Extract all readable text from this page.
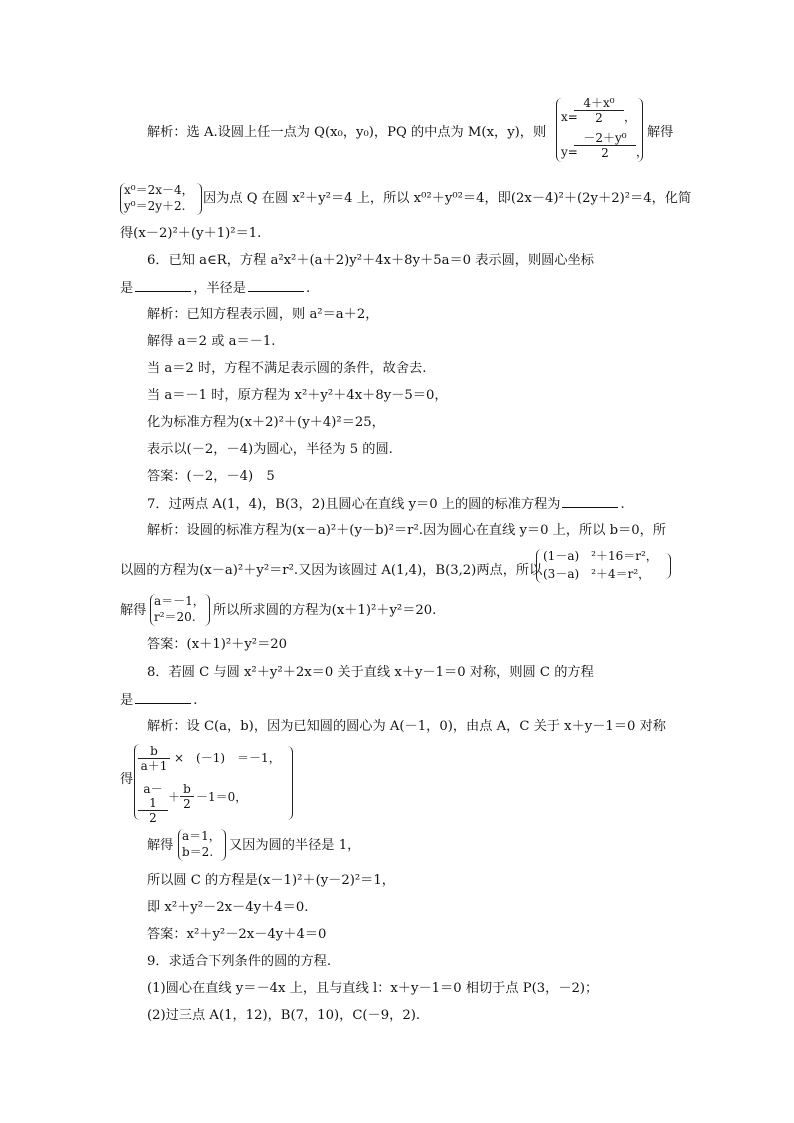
解析：选 A.设圆上任一点为 Q(x₀，y₀)，PQ 的中点为 M(x，y)，则
x=
$\frac{\text{4＋x⁰}}{2}$ ，
y=
$\frac{\text{－2＋y⁰}}{2}$ ，
解得
x⁰＝2x－4，
y⁰＝2y＋2. 因为点 Q 在圆 x²＋y²＝4 上，所以 x⁰²＋y⁰²＝4，即(2x－4)²＋(2y＋2)²＝4，化简
得(x－2)²＋(y＋1)²＝1.
6．已知 a∈R，方程 a²x²＋(a＋2)y²＋4x＋8y＋5a＝0 表示圆，则圆心坐标
是	，半径是	.
解析：已知方程表示圆，则 a²＝a＋2，
解得 a＝2 或 a＝－1.
当 a＝2 时，方程不满足表示圆的条件，故舍去.
当 a＝－1 时，原方程为 x²＋y²＋4x＋8y－5＝0，
化为标准方程为(x＋2)²＋(y＋4)²＝25，
表示以(－2，－4)为圆心，半径为 5 的圆.
答案：(－2，－4)　5
7．过两点 A(1，4)，B(3，2)且圆心在直线 y＝0 上的圆的标准方程为	.
解析：设圆的标准方程为(x－a)²＋(y－b)²＝r².因为圆心在直线 y＝0 上，所以 b＝0，所
以圆的方程为(x－a)²＋y²＝r².又因为该圆过 A(1,4)，B(3,2)两点，所以
(1－a)　²＋16＝r²，
(3－a)　²＋4＝r²，
解得
a＝－1，
r²＝20. 所以所求圆的方程为(x＋1)²＋y²＝20.
答案：(x＋1)²＋y²＝20
8．若圆 C 与圆 x²＋y²＋2x＝0 关于直线 x＋y－1＝0 对称，则圆 C 的方程
是	.
解析：设 C(a，b)，因为已知圆的圆心为 A(－1，0)，由点 A，C 关于 x＋y－1＝0 对称
得
$\frac{b}{a+1}$ ×　(－1)　＝－1，
$\frac{a-1}{2} + \frac{b}{2} -1=0$，
解得
a＝1，
b＝2. 又因为圆的半径是 1，
所以圆 C 的方程是(x－1)²＋(y－2)²＝1，
即 x²＋y²－2x－4y＋4＝0.
答案：x²＋y²－2x－4y＋4＝0
9．求适合下列条件的圆的方程.
(1)圆心在直线 y＝－4x 上，且与直线 l：x＋y－1＝0 相切于点 P(3，－2)；
(2)过三点 A(1，12)，B(7，10)，C(－9，2).
